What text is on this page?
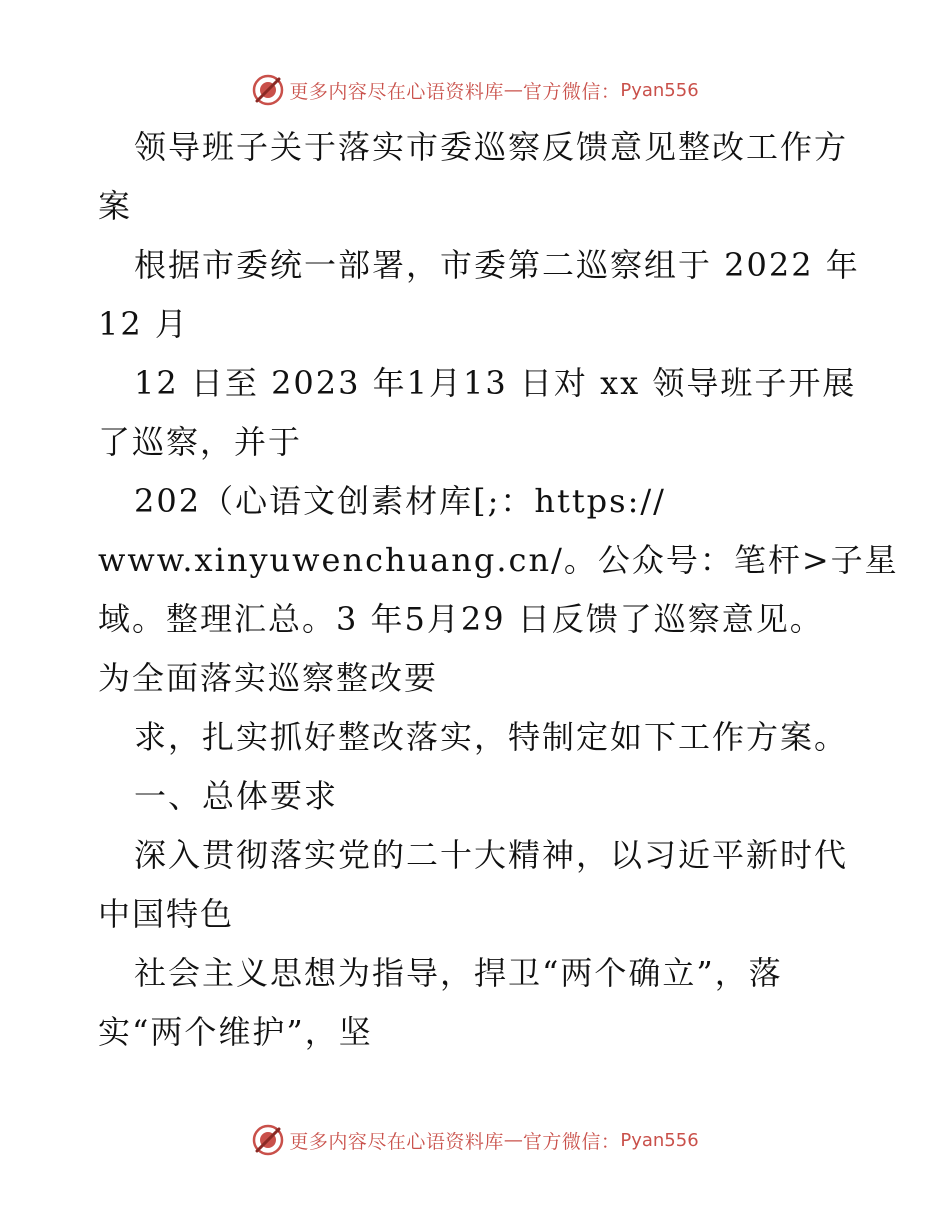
更多内容尽在心语资料库 — 官方微信： Pyan556
领导班子关于落实市委巡察反馈意见整改工作方
案
根据市委统一部署，市委第二巡察组于 2022 年
12 月
12 日至 2023 年1月13 日对 xx 领导班子开展
了巡察，并于
202（心语文创素材库[;：https://
www.xinyuwenchuang.cn/。公众号：笔杆>子星
域。整理汇总。3 年5月29 日反馈了巡察意见。
为全面落实巡察整改要
求，扎实抓好整改落实，特制定如下工作方案。
一、总体要求
深入贯彻落实党的二十大精神，以习近平新时代
中国特色
社会主义思想为指导，捍卫“两个确立”，落
实“两个维护”，坚
更多内容尽在心语资料库 — 官方微信： Pyan556
